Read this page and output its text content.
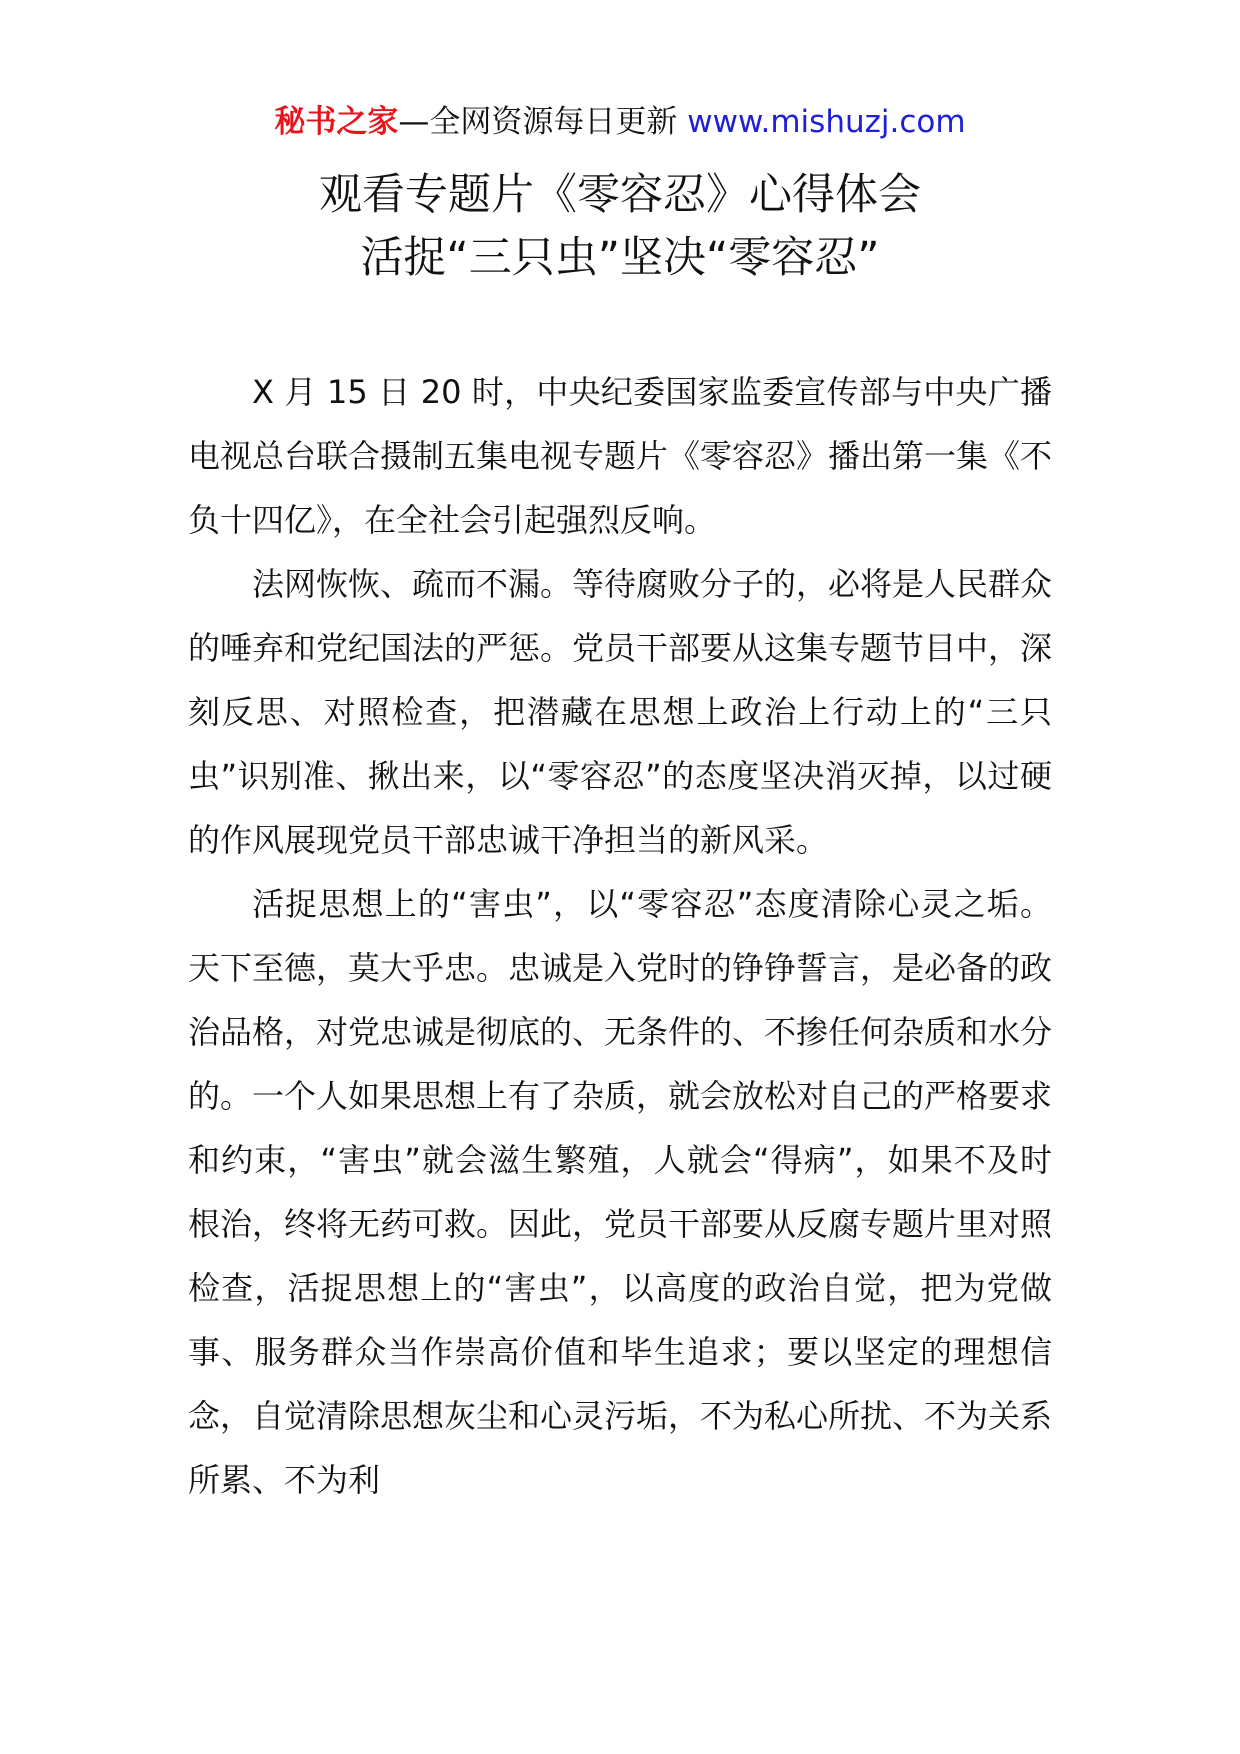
秘书之家—全网资源每日更新 www.mishuzj.com
观看专题片《零容忍》心得体会
活捉“三只虫”坚决“零容忍”

X 月 15 日 20 时，中央纪委国家监委宣传部与中央广播电视总台联合摄制五集电视专题片《零容忍》播出第一集《不负十四亿》，在全社会引起强烈反响。

法网恢恢、疏而不漏。等待腐败分子的，必将是人民群众的唾弃和党纪国法的严惩。党员干部要从这集专题节目中，深刻反思、对照检查，把潜藏在思想上政治上行动上的“三只虫”识别准、揪出来，以“零容忍”的态度坚决消灭掉，以过硬的作风展现党员干部忠诚干净担当的新风采。

活捉思想上的“害虫”，以“零容忍”态度清除心灵之垢。天下至德，莫大乎忠。忠诚是入党时的铮铮誓言，是必备的政治品格，对党忠诚是彻底的、无条件的、不掺任何杂质和水分的。一个人如果思想上有了杂质，就会放松对自己的严格要求和约束，“害虫”就会滋生繁殖，人就会“得病”，如果不及时根治，终将无药可救。因此，党员干部要从反腐专题片里对照检查，活捉思想上的“害虫”，以高度的政治自觉，把为党做事、服务群众当作崇高价值和毕生追求；要以坚定的理想信念，自觉清除思想灰尘和心灵污垢，不为私心所扰、不为关系所累、不为利
